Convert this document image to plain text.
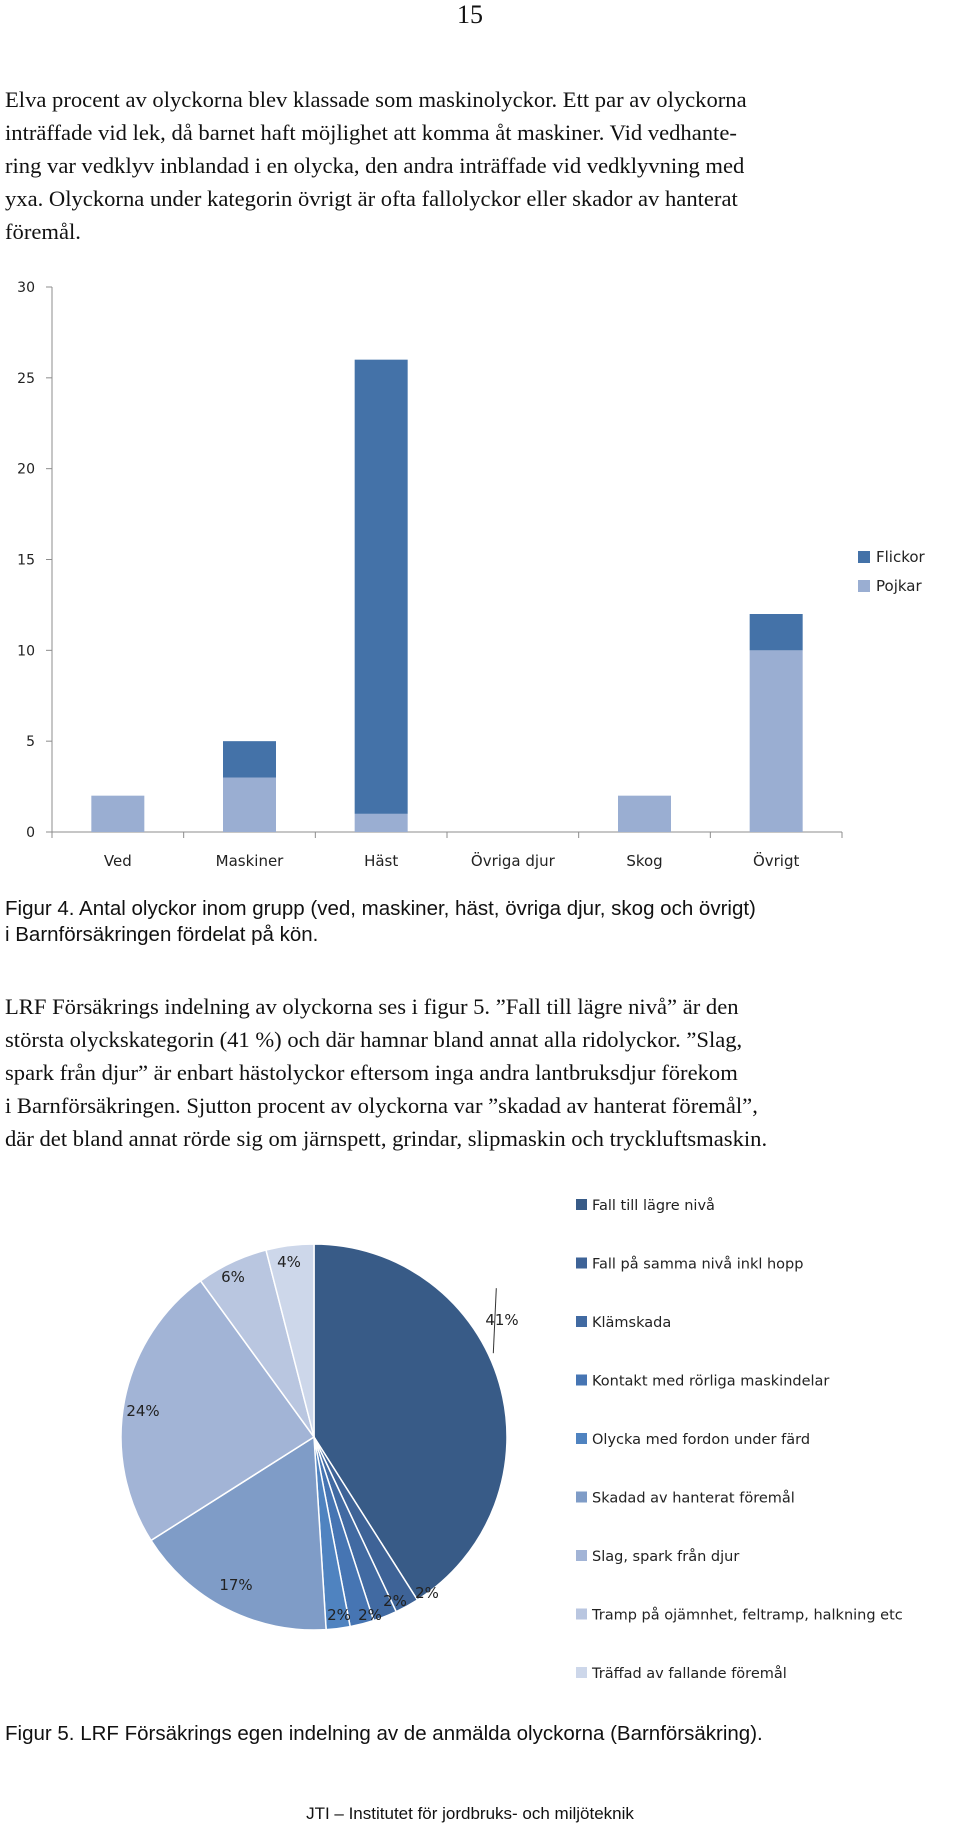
15

Elva procent av olyckorna blev klassade som maskinolyckor. Ett par av olyckorna
inträffade vid lek, då barnet haft möjlighet att komma åt maskiner. Vid vedhante-
ring var vedklyv inblandad i en olycka, den andra inträffade vid vedklyvning med
yxa. Olyckorna under kategorin övrigt är ofta fallolyckor eller skador av hanterat
föremål.

0
5
10
15
20
25
30
Ved	Maskiner	Häst	Övriga djur	Skog	Övrigt
Flickor
Pojkar

Figur 4. Antal olyckor inom grupp (ved, maskiner, häst, övriga djur, skog och övrigt)
i Barnförsäkringen fördelat på kön.

LRF Försäkrings indelning av olyckorna ses i figur 5. ”Fall till lägre nivå” är den
största olyckskategorin (41 %) och där hamnar bland annat alla ridolyckor. ”Slag,
spark från djur” är enbart hästolyckor eftersom inga andra lantbruksdjur förekom
i Barnförsäkringen. Sjutton procent av olyckorna var ”skadad av hanterat föremål”,
där det bland annat rörde sig om järnspett, grindar, slipmaskin och tryckluftsmaskin.

41%
2% 2%
2% 2%
17%
24%
6%
4%
Fall till lägre nivå
Fall på samma nivå inkl hopp
Klämskada
Kontakt med rörliga maskindelar
Olycka med fordon under färd
Skadad av hanterat föremål
Slag, spark från djur
Tramp på ojämnhet, feltramp, halkning etc
Träffad av fallande föremål

Figur 5. LRF Försäkrings egen indelning av de anmälda olyckorna (Barnförsäkring).

JTI – Institutet för jordbruks- och miljöteknik
